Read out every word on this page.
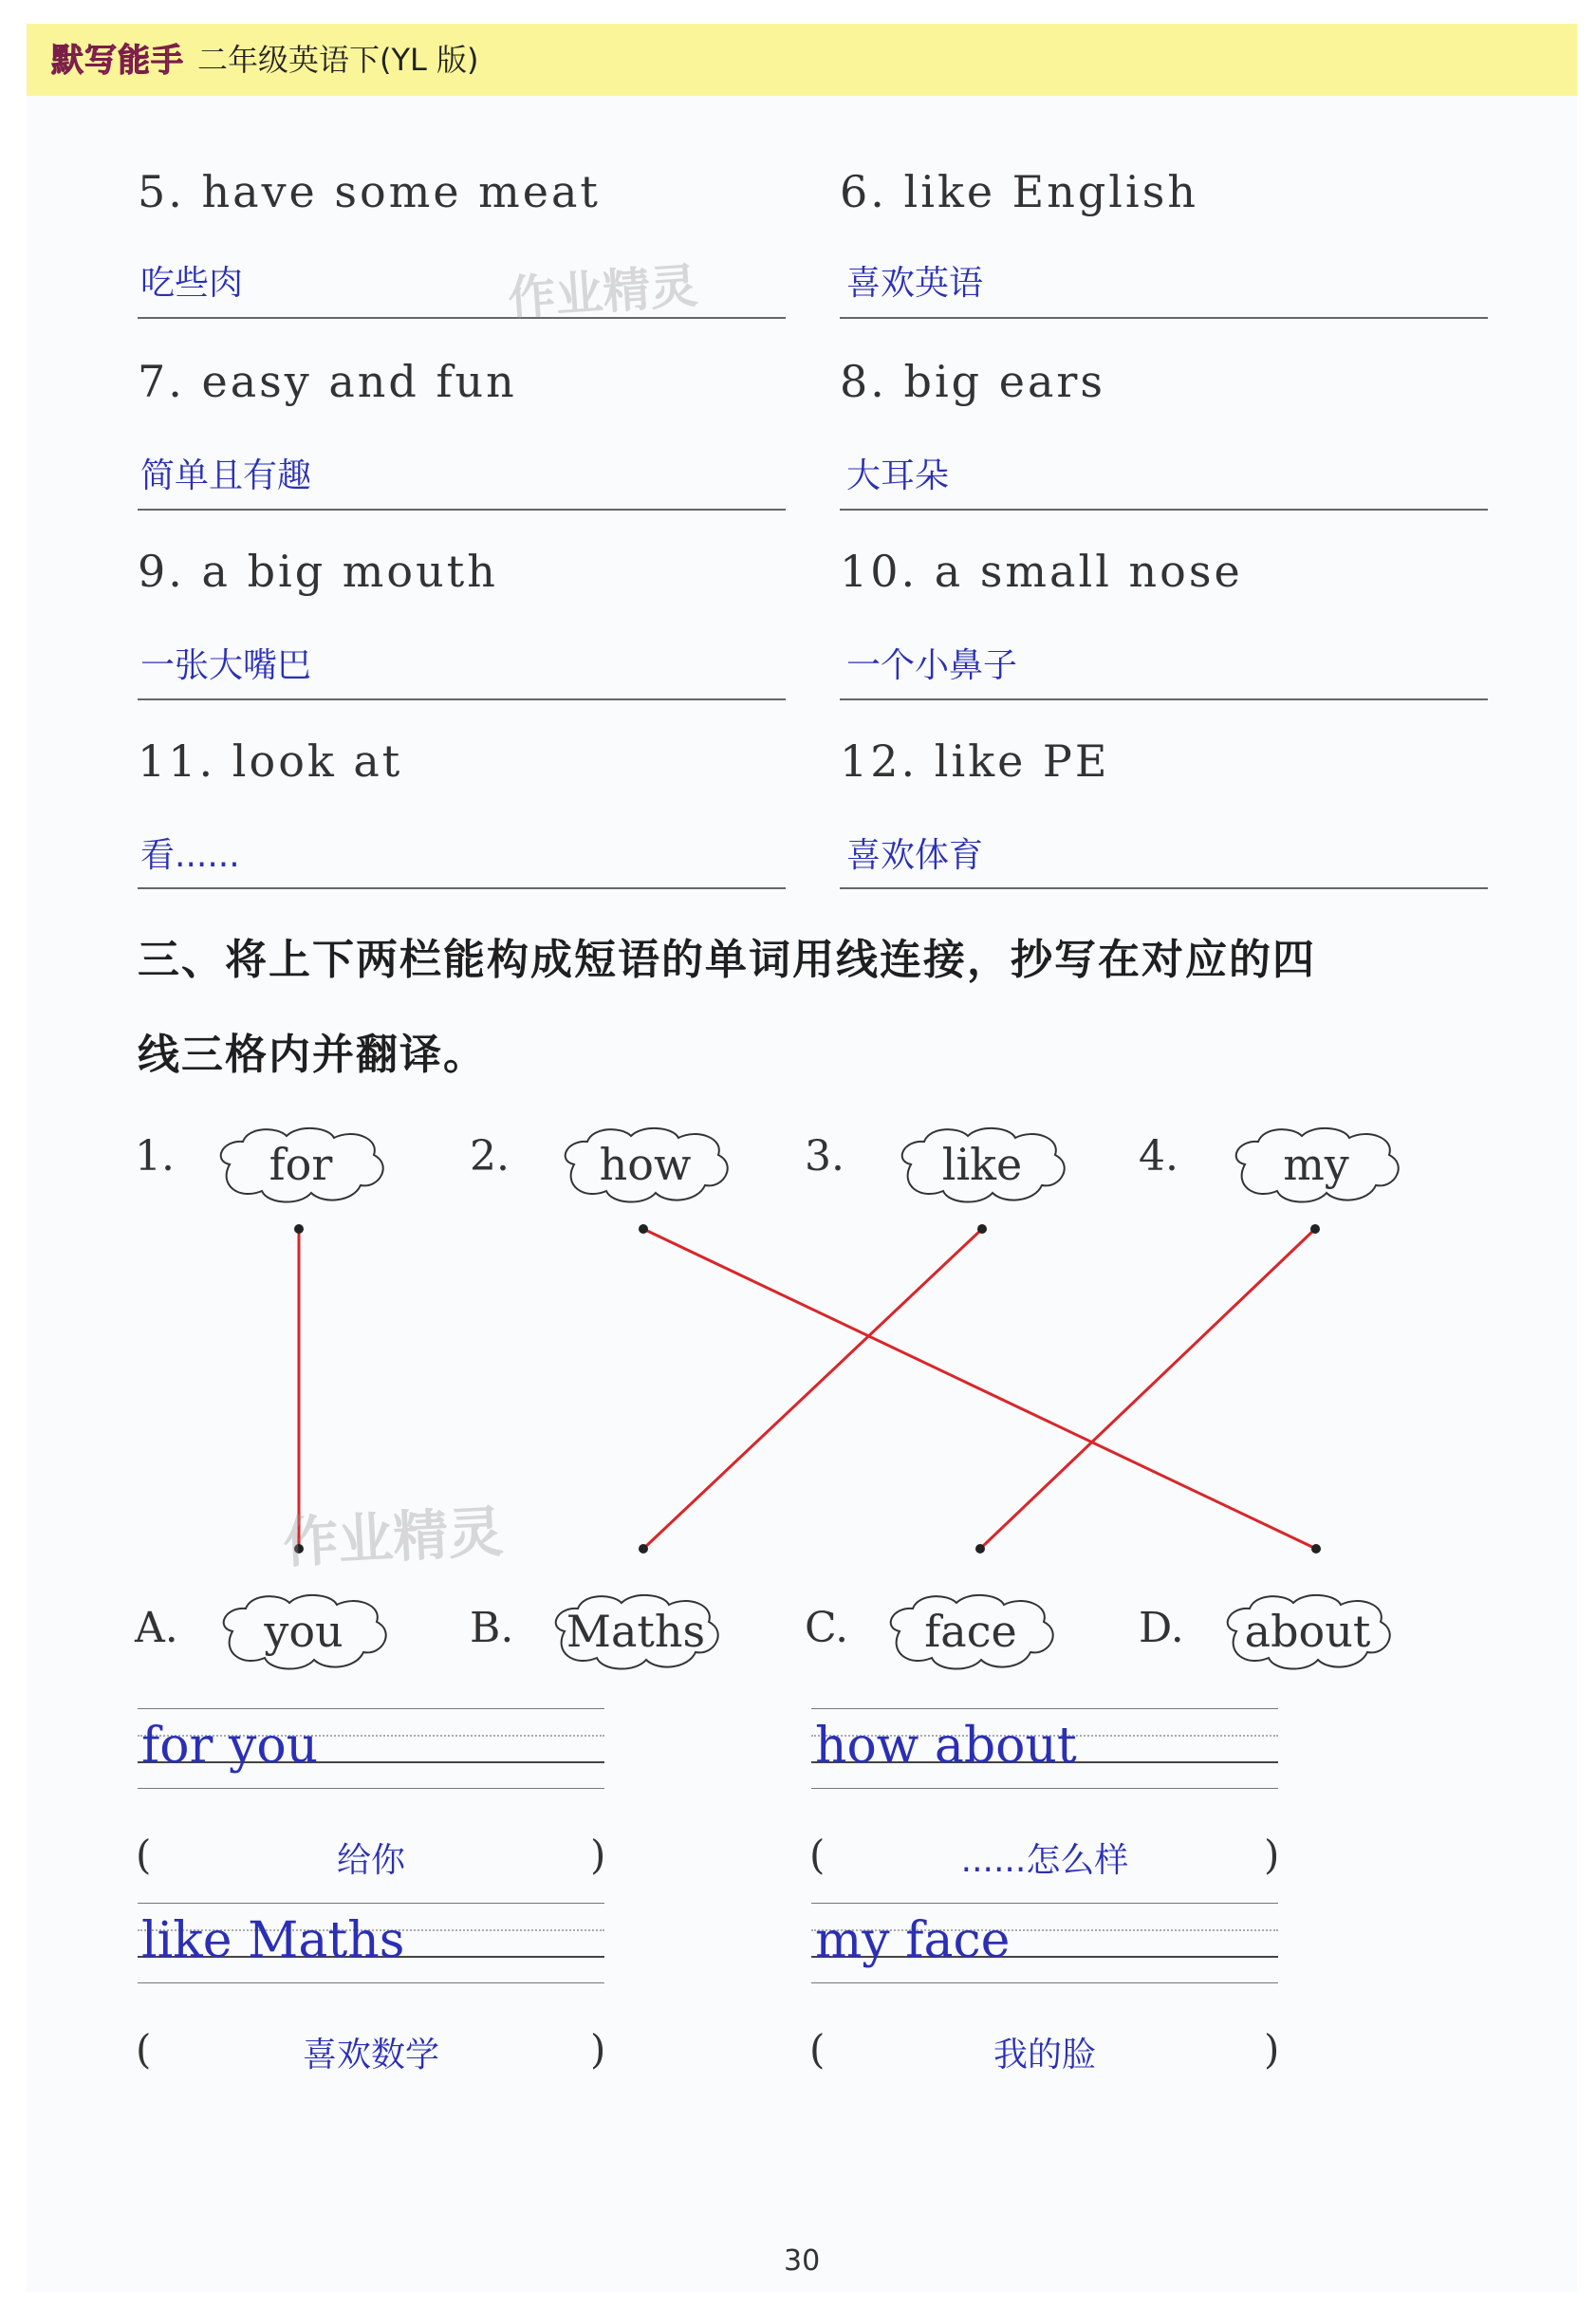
默写能手 二年级英语下(YL 版)
5. have some meat
吃些肉
6. like English
喜欢英语
7. easy and fun
简单且有趣
8. big ears
大耳朵
9. a big mouth
一张大嘴巴
10. a small nose
一个小鼻子
11. look at
看......
12. like PE
喜欢体育
作业精灵
三、将上下两栏能构成短语的单词用线连接，抄写在对应的四
线三格内并翻译。
1.	for	2.	how	3.	like	4.	my
作业精灵
A.	you	B.	Maths	C.	face	D.	about
for you
(	给你	)
how about
(	......怎么样	)
like Maths
(	喜欢数学	)
my face
(	我的脸	)
30
